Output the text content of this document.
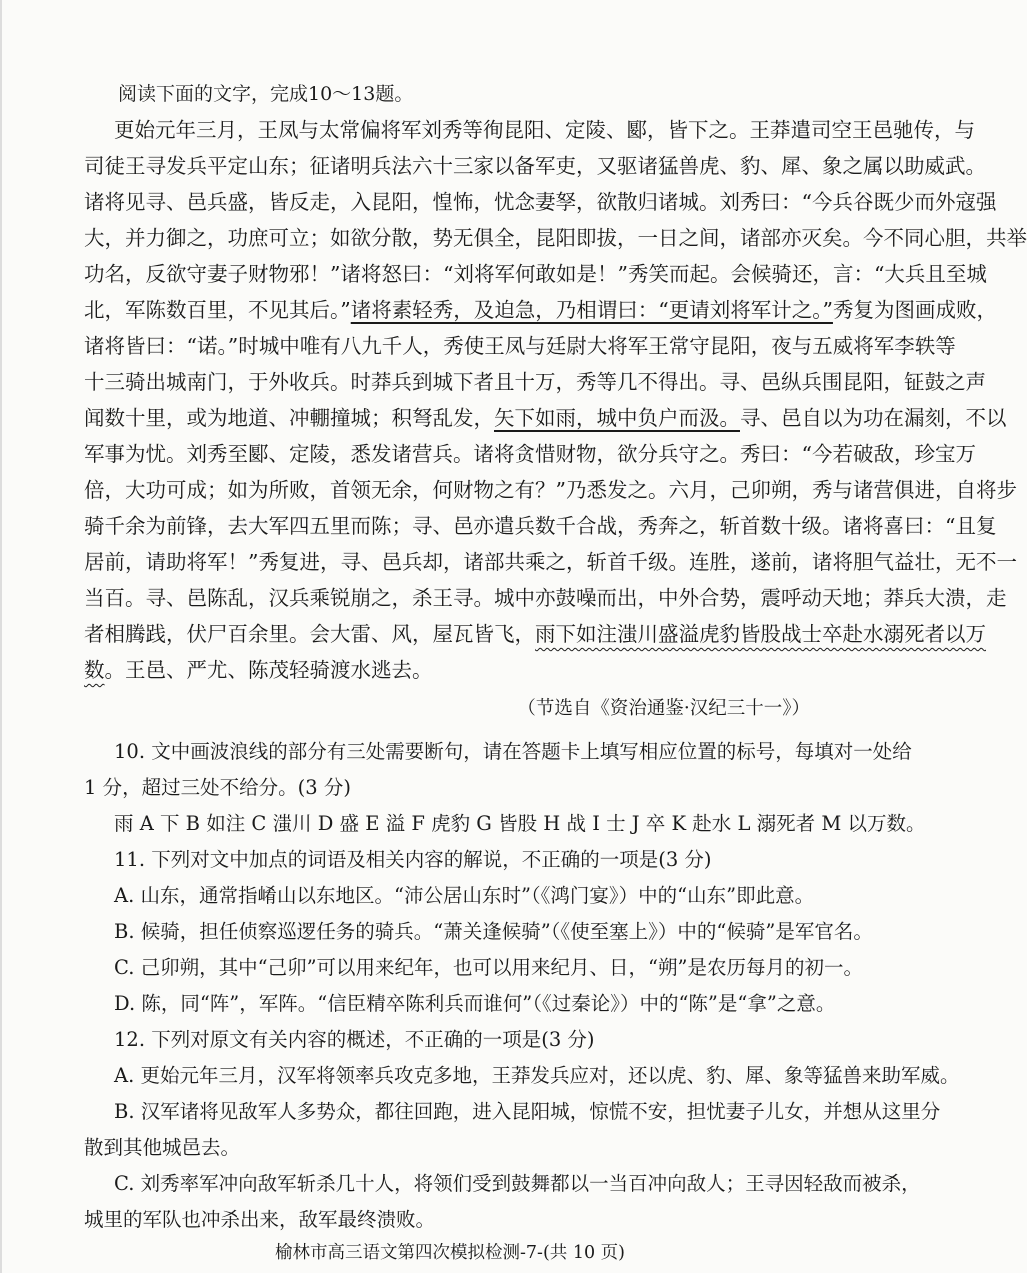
阅读下面的文字，完成10～13题。
更始元年三月，王凤与太常偏将军刘秀等徇昆阳、定陵、郾，皆下之。王莽遣司空王邑驰传，与
司徒王寻发兵平定山东；征诸明兵法六十三家以备军吏，又驱诸猛兽虎、豹、犀、象之属以助威武。
诸将见寻、邑兵盛，皆反走，入昆阳，惶怖，忧念妻孥，欲散归诸城。刘秀曰：“今兵谷既少而外寇强
大，并力御之，功庶可立；如欲分散，势无俱全，昆阳即拔，一日之间，诸部亦灭矣。今不同心胆，共举
功名，反欲守妻子财物邪！”诸将怒曰：“刘将军何敢如是！”秀笑而起。会候骑还，言：“大兵且至城
北，军陈数百里，不见其后。”诸将素轻秀，及迫急，乃相谓曰：“更请刘将军计之。”秀复为图画成败，
诸将皆曰：“诺。”时城中唯有八九千人，秀使王凤与廷尉大将军王常守昆阳，夜与五威将军李轶等
十三骑出城南门，于外收兵。时莽兵到城下者且十万，秀等几不得出。寻、邑纵兵围昆阳，钲鼓之声
闻数十里，或为地道、冲輣撞城；积弩乱发，矢下如雨，城中负户而汲。寻、邑自以为功在漏刻，不以
军事为忧。刘秀至郾、定陵，悉发诸营兵。诸将贪惜财物，欲分兵守之。秀曰：“今若破敌，珍宝万
倍，大功可成；如为所败，首领无余，何财物之有？”乃悉发之。六月，己卯朔，秀与诸营俱进，自将步
骑千余为前锋，去大军四五里而陈；寻、邑亦遣兵数千合战，秀奔之，斩首数十级。诸将喜曰：“且复
居前，请助将军！”秀复进，寻、邑兵却，诸部共乘之，斩首千级。连胜，遂前，诸将胆气益壮，无不一
当百。寻、邑陈乱，汉兵乘锐崩之，杀王寻。城中亦鼓噪而出，中外合势，震呼动天地；莽兵大溃，走
者相腾践，伏尸百余里。会大雷、风，屋瓦皆飞，雨下如注滍川盛溢虎豹皆股战士卒赴水溺死者以万
数。王邑、严尤、陈茂轻骑渡水逃去。
（节选自《资治通鉴·汉纪三十一》）
10. 文中画波浪线的部分有三处需要断句，请在答题卡上填写相应位置的标号，每填对一处给
1 分，超过三处不给分。(3 分)
雨 A 下 B 如注 C 滍川 D 盛 E 溢 F 虎豹 G 皆股 H 战 I 士 J 卒 K 赴水 L 溺死者 M 以万数。
11. 下列对文中加点的词语及相关内容的解说，不正确的一项是(3 分)
A. 山东，通常指崤山以东地区。“沛公居山东时”（《鸿门宴》）中的“山东”即此意。
B. 候骑，担任侦察巡逻任务的骑兵。“萧关逢候骑”（《使至塞上》）中的“候骑”是军官名。
C. 己卯朔，其中“己卯”可以用来纪年，也可以用来纪月、日，“朔”是农历每月的初一。
D. 陈，同“阵”，军阵。“信臣精卒陈利兵而谁何”（《过秦论》）中的“陈”是“拿”之意。
12. 下列对原文有关内容的概述，不正确的一项是(3 分)
A. 更始元年三月，汉军将领率兵攻克多地，王莽发兵应对，还以虎、豹、犀、象等猛兽来助军威。
B. 汉军诸将见敌军人多势众，都往回跑，进入昆阳城，惊慌不安，担忧妻子儿女，并想从这里分
散到其他城邑去。
C. 刘秀率军冲向敌军斩杀几十人，将领们受到鼓舞都以一当百冲向敌人；王寻因轻敌而被杀，
城里的军队也冲杀出来，敌军最终溃败。
榆林市高三语文第四次模拟检测-7-(共 10 页)
